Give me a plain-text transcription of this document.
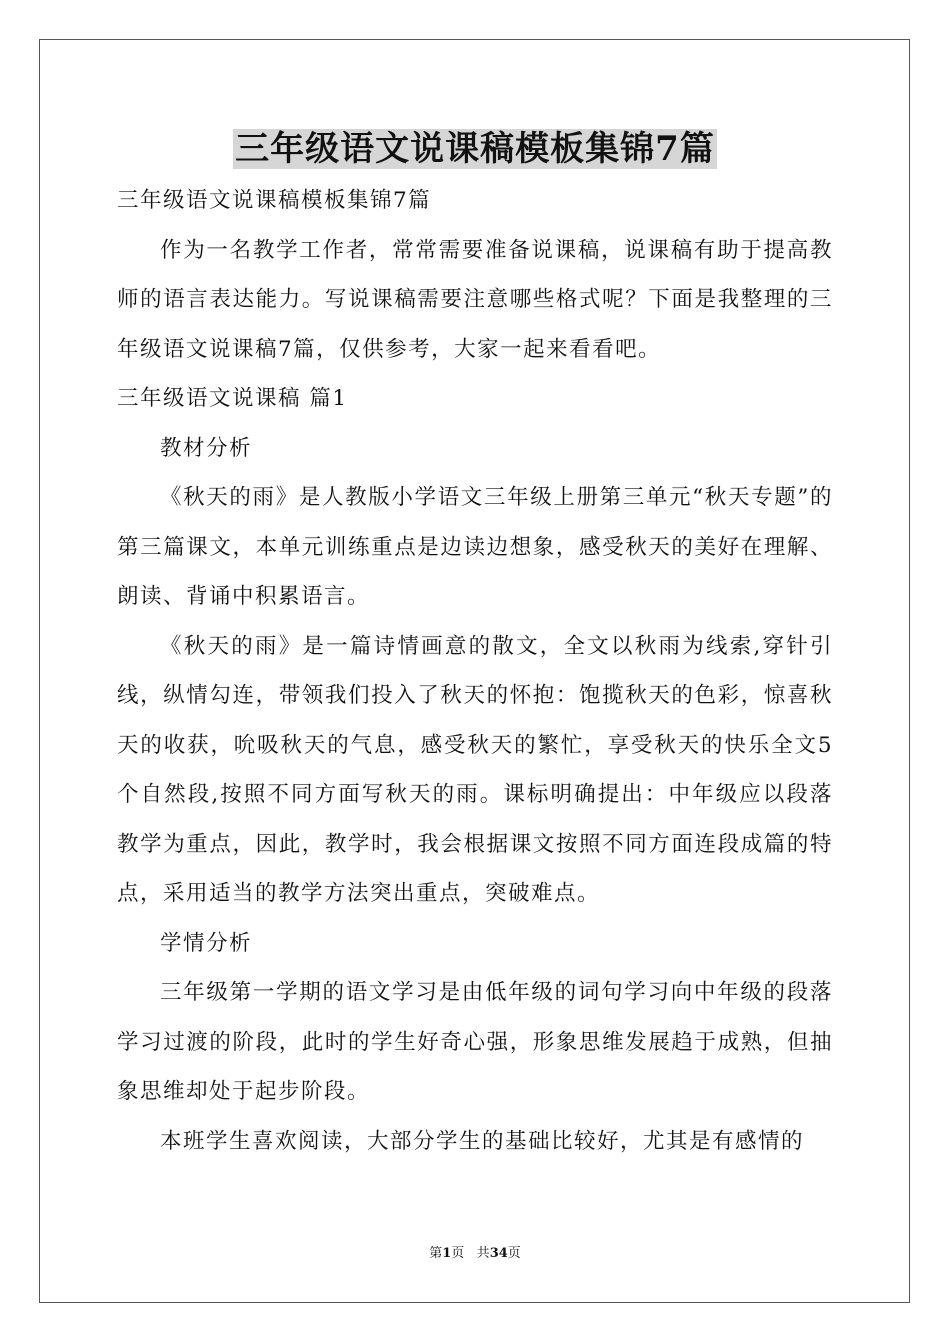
三年级语文说课稿模板集锦7篇

三年级语文说课稿模板集锦7篇

作为一名教学工作者，常常需要准备说课稿，说课稿有助于提高教师的语言表达能力。写说课稿需要注意哪些格式呢？下面是我整理的三年级语文说课稿7篇，仅供参考，大家一起来看看吧。

三年级语文说课稿 篇1

教材分析

《秋天的雨》是人教版小学语文三年级上册第三单元“秋天专题”的第三篇课文，本单元训练重点是边读边想象，感受秋天的美好在理解、朗读、背诵中积累语言。

《秋天的雨》是一篇诗情画意的散文，全文以秋雨为线索,穿针引线，纵情勾连，带领我们投入了秋天的怀抱：饱揽秋天的色彩，惊喜秋天的收获，吮吸秋天的气息，感受秋天的繁忙，享受秋天的快乐全文5个自然段,按照不同方面写秋天的雨。课标明确提出：中年级应以段落教学为重点，因此，教学时，我会根据课文按照不同方面连段成篇的特点，采用适当的教学方法突出重点，突破难点。

学情分析

三年级第一学期的语文学习是由低年级的词句学习向中年级的段落学习过渡的阶段，此时的学生好奇心强，形象思维发展趋于成熟，但抽象思维却处于起步阶段。

本班学生喜欢阅读，大部分学生的基础比较好，尤其是有感情的

第1页 共34页
